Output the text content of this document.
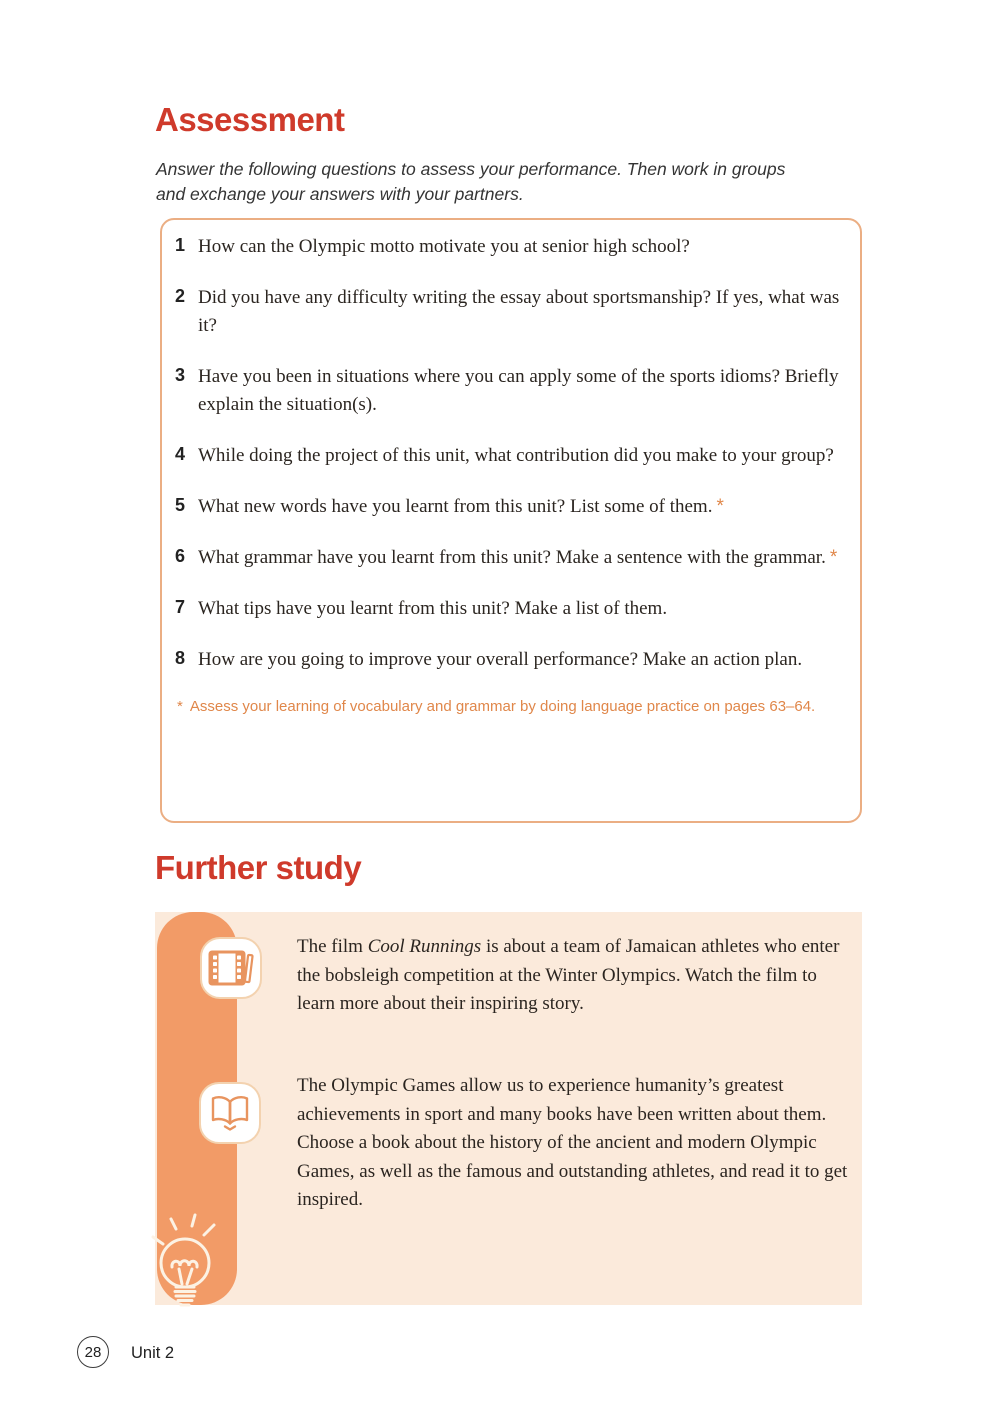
Assessment
Answer the following questions to assess your performance. Then work in groups and exchange your answers with your partners.
1 How can the Olympic motto motivate you at senior high school?
2 Did you have any difficulty writing the essay about sportsmanship? If yes, what was it?
3 Have you been in situations where you can apply some of the sports idioms? Briefly explain the situation(s).
4 While doing the project of this unit, what contribution did you make to your group?
5 What new words have you learnt from this unit? List some of them. *
6 What grammar have you learnt from this unit? Make a sentence with the grammar. *
7 What tips have you learnt from this unit? Make a list of them.
8 How are you going to improve your overall performance? Make an action plan.
* Assess your learning of vocabulary and grammar by doing language practice on pages 63–64.
Further study
The film Cool Runnings is about a team of Jamaican athletes who enter the bobsleigh competition at the Winter Olympics. Watch the film to learn more about their inspiring story.
The Olympic Games allow us to experience humanity’s greatest achievements in sport and many books have been written about them. Choose a book about the history of the ancient and modern Olympic Games, as well as the famous and outstanding athletes, and read it to get inspired.
28 Unit 2
